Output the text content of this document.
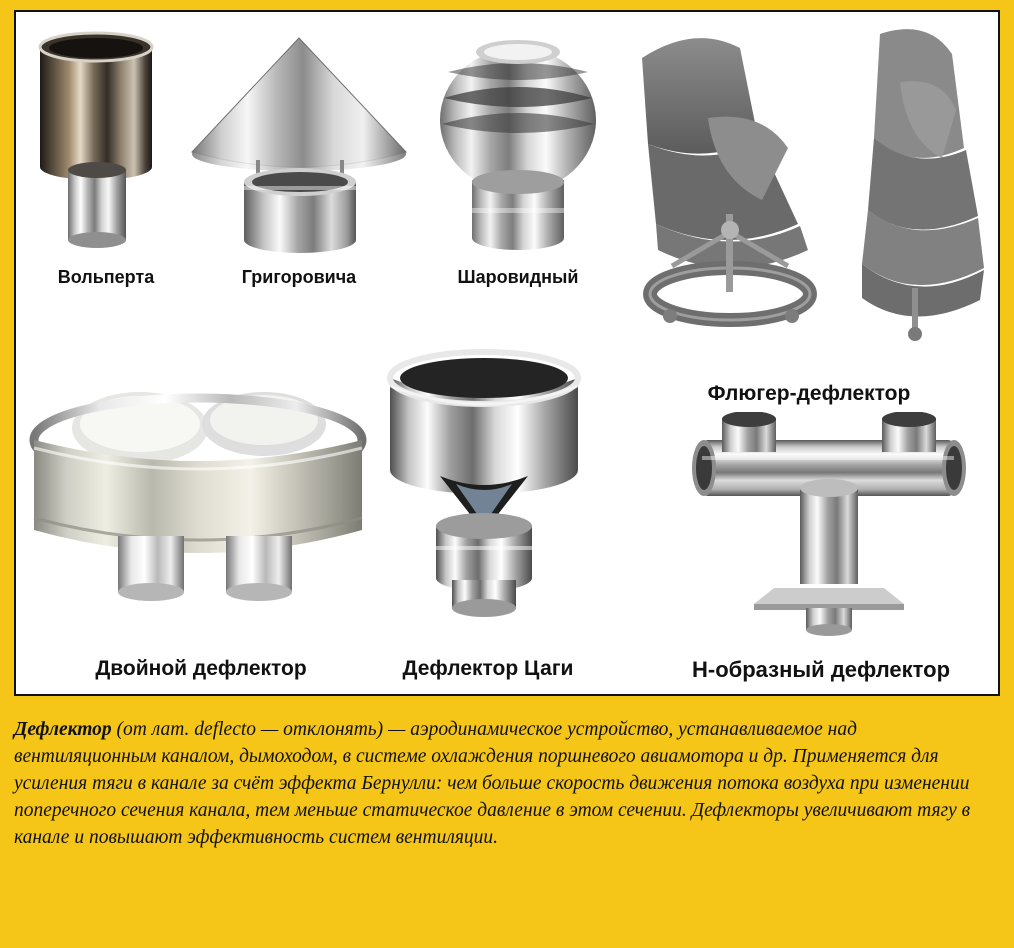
Вольперта	Григоровича	Шаровидный
Флюгер-дефлектор
Двойной дефлектор	Дефлектор Цаги	Н-образный дефлектор
Дефлектор (от лат. deflecto — отклонять) — аэродинамическое устройство, устанавливаемое над вентиляционным каналом, дымоходом, в системе охлаждения поршневого авиамотора и др. Применяется для усиления тяги в канале за счёт эффекта Бернулли: чем больше скорость движения потока воздуха при изменении поперечного сечения канала, тем меньше статическое давление в этом сечении. Дефлекторы увеличивают тягу в канале и повышают эффективность систем вентиляции.
